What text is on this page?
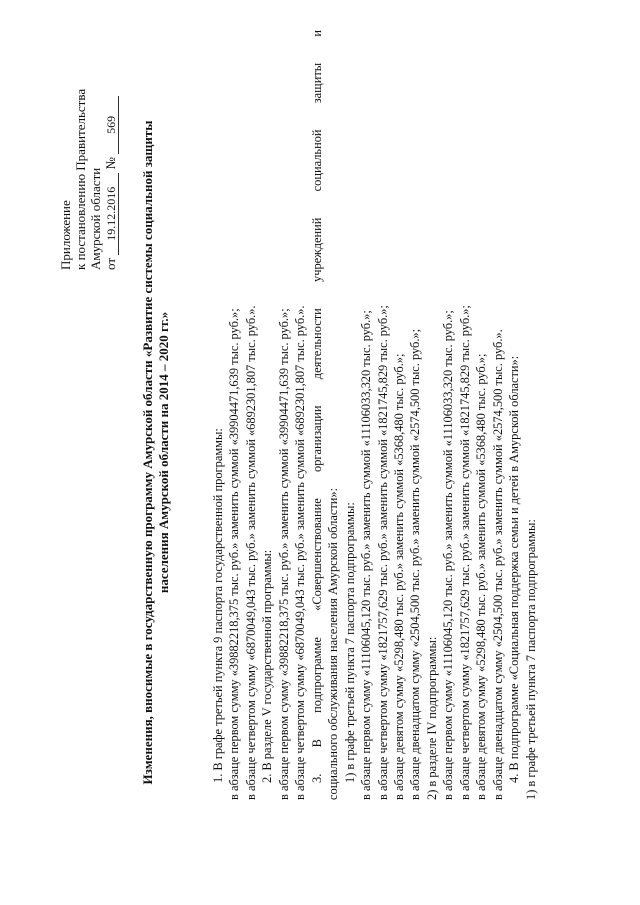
Приложение к постановлению Правительства Амурской области от 19.12.2016 № 569 Изменения, вносимые в государственную программу Амурской области «Развитие системы социальной защиты населения Амурской области на 2014 – 2020 гг.»	1. В графе третьей пункта 9 паспорта государственной программы: в абзаце первом сумму «39882218,375 тыс. руб.» заменить суммой «39904471,639 тыс. руб.»; в абзаце четвертом сумму «6870049,043 тыс. руб.» заменить суммой «6892301,807 тыс. руб.». 2. В разделе V государственной программы: в абзаце первом сумму «39882218,375 тыс. руб.» заменить суммой «39904471,639 тыс. руб.»; в абзаце четвертом сумму «6870049,043 тыс. руб.» заменить суммой «6892301,807 тыс. руб.». 3. В подпрограмме «Совершенствование организации деятельности учреждений социальной защиты и социального обслуживания населения Амурской области»: 1) в графе третьей пункта 7 паспорта подпрограммы: в абзаце первом сумму «11106045,120 тыс. руб.» заменить суммой «11106033,320 тыс. руб.»; в абзаце четвертом сумму «1821757,629 тыс. руб.» заменить суммой «1821745,829 тыс. руб.»; в абзаце девятом сумму «5298,480 тыс. руб.» заменить суммой «5368,480 тыс. руб.»; в абзаце двенадцатом сумму «2504,500 тыс. руб.» заменить суммой «2574,500 тыс. руб.»; 2) в разделе IV подпрограммы: в абзаце первом сумму «11106045,120 тыс. руб.» заменить суммой «11106033,320 тыс. руб.»; в абзаце четвертом сумму «1821757,629 тыс. руб.» заменить суммой «1821745,829 тыс. руб.»; в абзаце девятом сумму «5298,480 тыс. руб.» заменить суммой «5368,480 тыс. руб.»; в абзаце двенадцатом сумму «2504,500 тыс. руб.» заменить суммой «2574,500 тыс. руб.». 4. В подпрограмме «Социальная поддержка семьи и детей в Амурской области»: 1) в графе третьей пункта 7 паспорта подпрограммы:
